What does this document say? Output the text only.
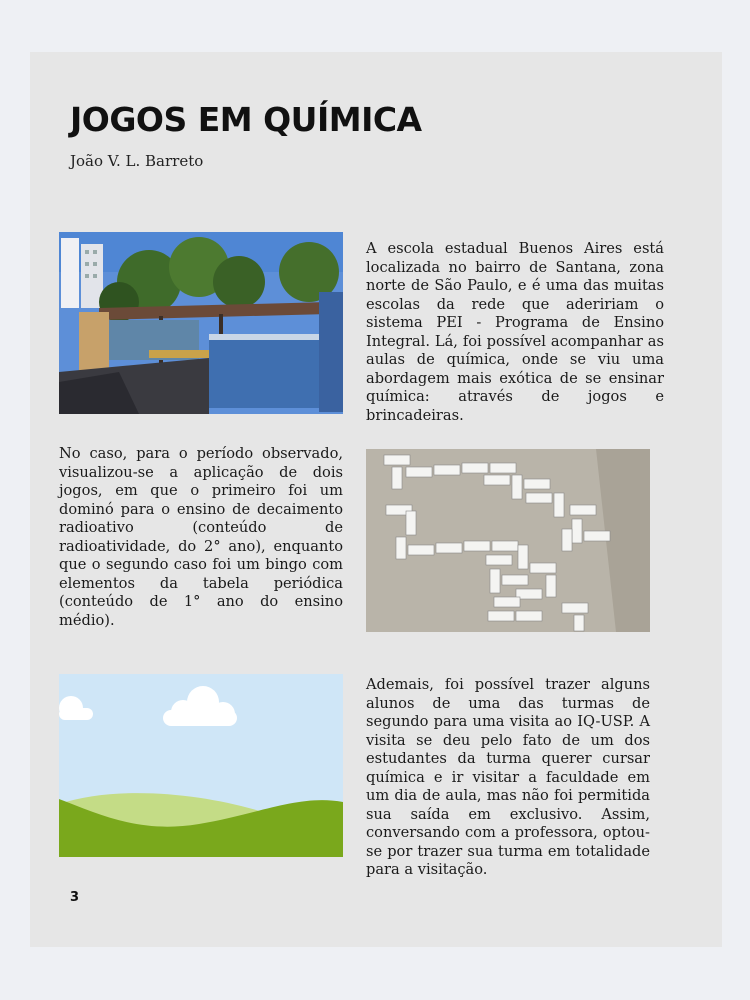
JOGOS EM QUÍMICA
João V. L. Barreto

A escola estadual Buenos Aires está localizada no bairro de Santana, zona norte de São Paulo, e é uma das muitas escolas da rede que adeririam o sistema PEI - Programa de Ensino Integral. Lá, foi possível acompanhar as aulas de química, onde se viu uma abordagem mais exótica de se ensinar química: através de jogos e brincadeiras.

No caso, para o período observado, visualizou-se a aplicação de dois jogos, em que o primeiro foi um dominó para o ensino de decaimento radioativo (conteúdo de radioatividade, do 2° ano), enquanto que o segundo caso foi um bingo com elementos da tabela periódica (conteúdo de 1° ano do ensino médio).

Ademais, foi possível trazer alguns alunos de uma das turmas de segundo para uma visita ao IQ-USP. A visita se deu pelo fato de um dos estudantes da turma querer cursar química e ir visitar a faculdade em um dia de aula, mas não foi permitida sua saída em exclusivo. Assim, conversando com a professora, optou-se por trazer sua turma em totalidade para a visitação.

3
